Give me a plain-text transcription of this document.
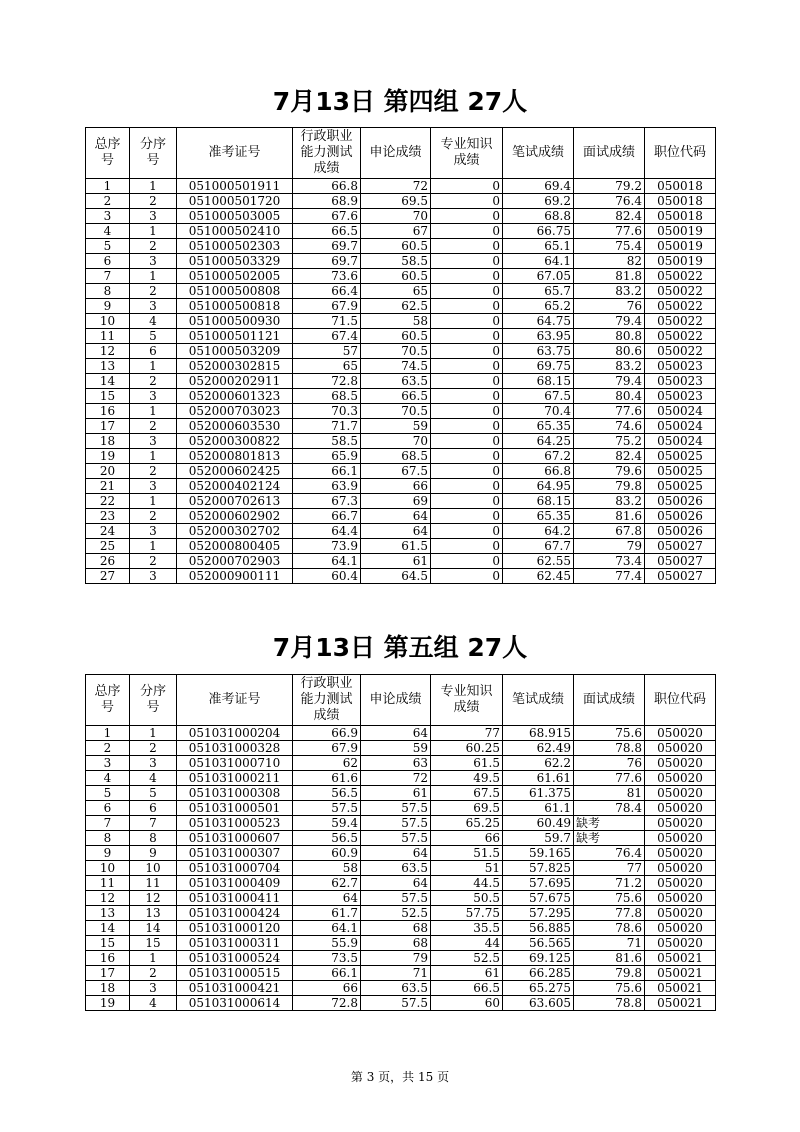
7月13日 第四组 27人
总序号	分序号	准考证号	行政职业能力测试成绩	申论成绩	专业知识成绩	笔试成绩	面试成绩	职位代码
1	1	051000501911	66.8	72	0	69.4	79.2	050018
2	2	051000501720	68.9	69.5	0	69.2	76.4	050018
3	3	051000503005	67.6	70	0	68.8	82.4	050018
4	1	051000502410	66.5	67	0	66.75	77.6	050019
5	2	051000502303	69.7	60.5	0	65.1	75.4	050019
6	3	051000503329	69.7	58.5	0	64.1	82	050019
7	1	051000502005	73.6	60.5	0	67.05	81.8	050022
8	2	051000500808	66.4	65	0	65.7	83.2	050022
9	3	051000500818	67.9	62.5	0	65.2	76	050022
10	4	051000500930	71.5	58	0	64.75	79.4	050022
11	5	051000501121	67.4	60.5	0	63.95	80.8	050022
12	6	051000503209	57	70.5	0	63.75	80.6	050022
13	1	052000302815	65	74.5	0	69.75	83.2	050023
14	2	052000202911	72.8	63.5	0	68.15	79.4	050023
15	3	052000601323	68.5	66.5	0	67.5	80.4	050023
16	1	052000703023	70.3	70.5	0	70.4	77.6	050024
17	2	052000603530	71.7	59	0	65.35	74.6	050024
18	3	052000300822	58.5	70	0	64.25	75.2	050024
19	1	052000801813	65.9	68.5	0	67.2	82.4	050025
20	2	052000602425	66.1	67.5	0	66.8	79.6	050025
21	3	052000402124	63.9	66	0	64.95	79.8	050025
22	1	052000702613	67.3	69	0	68.15	83.2	050026
23	2	052000602902	66.7	64	0	65.35	81.6	050026
24	3	052000302702	64.4	64	0	64.2	67.8	050026
25	1	052000800405	73.9	61.5	0	67.7	79	050027
26	2	052000702903	64.1	61	0	62.55	73.4	050027
27	3	052000900111	60.4	64.5	0	62.45	77.4	050027
7月13日 第五组 27人
总序号	分序号	准考证号	行政职业能力测试成绩	申论成绩	专业知识成绩	笔试成绩	面试成绩	职位代码
1	1	051031000204	66.9	64	77	68.915	75.6	050020
2	2	051031000328	67.9	59	60.25	62.49	78.8	050020
3	3	051031000710	62	63	61.5	62.2	76	050020
4	4	051031000211	61.6	72	49.5	61.61	77.6	050020
5	5	051031000308	56.5	61	67.5	61.375	81	050020
6	6	051031000501	57.5	57.5	69.5	61.1	78.4	050020
7	7	051031000523	59.4	57.5	65.25	60.49	缺考	050020
8	8	051031000607	56.5	57.5	66	59.7	缺考	050020
9	9	051031000307	60.9	64	51.5	59.165	76.4	050020
10	10	051031000704	58	63.5	51	57.825	77	050020
11	11	051031000409	62.7	64	44.5	57.695	71.2	050020
12	12	051031000411	64	57.5	50.5	57.675	75.6	050020
13	13	051031000424	61.7	52.5	57.75	57.295	77.8	050020
14	14	051031000120	64.1	68	35.5	56.885	78.6	050020
15	15	051031000311	55.9	68	44	56.565	71	050020
16	1	051031000524	73.5	79	52.5	69.125	81.6	050021
17	2	051031000515	66.1	71	61	66.285	79.8	050021
18	3	051031000421	66	63.5	66.5	65.275	75.6	050021
19	4	051031000614	72.8	57.5	60	63.605	78.8	050021
第 3 页，共 15 页
